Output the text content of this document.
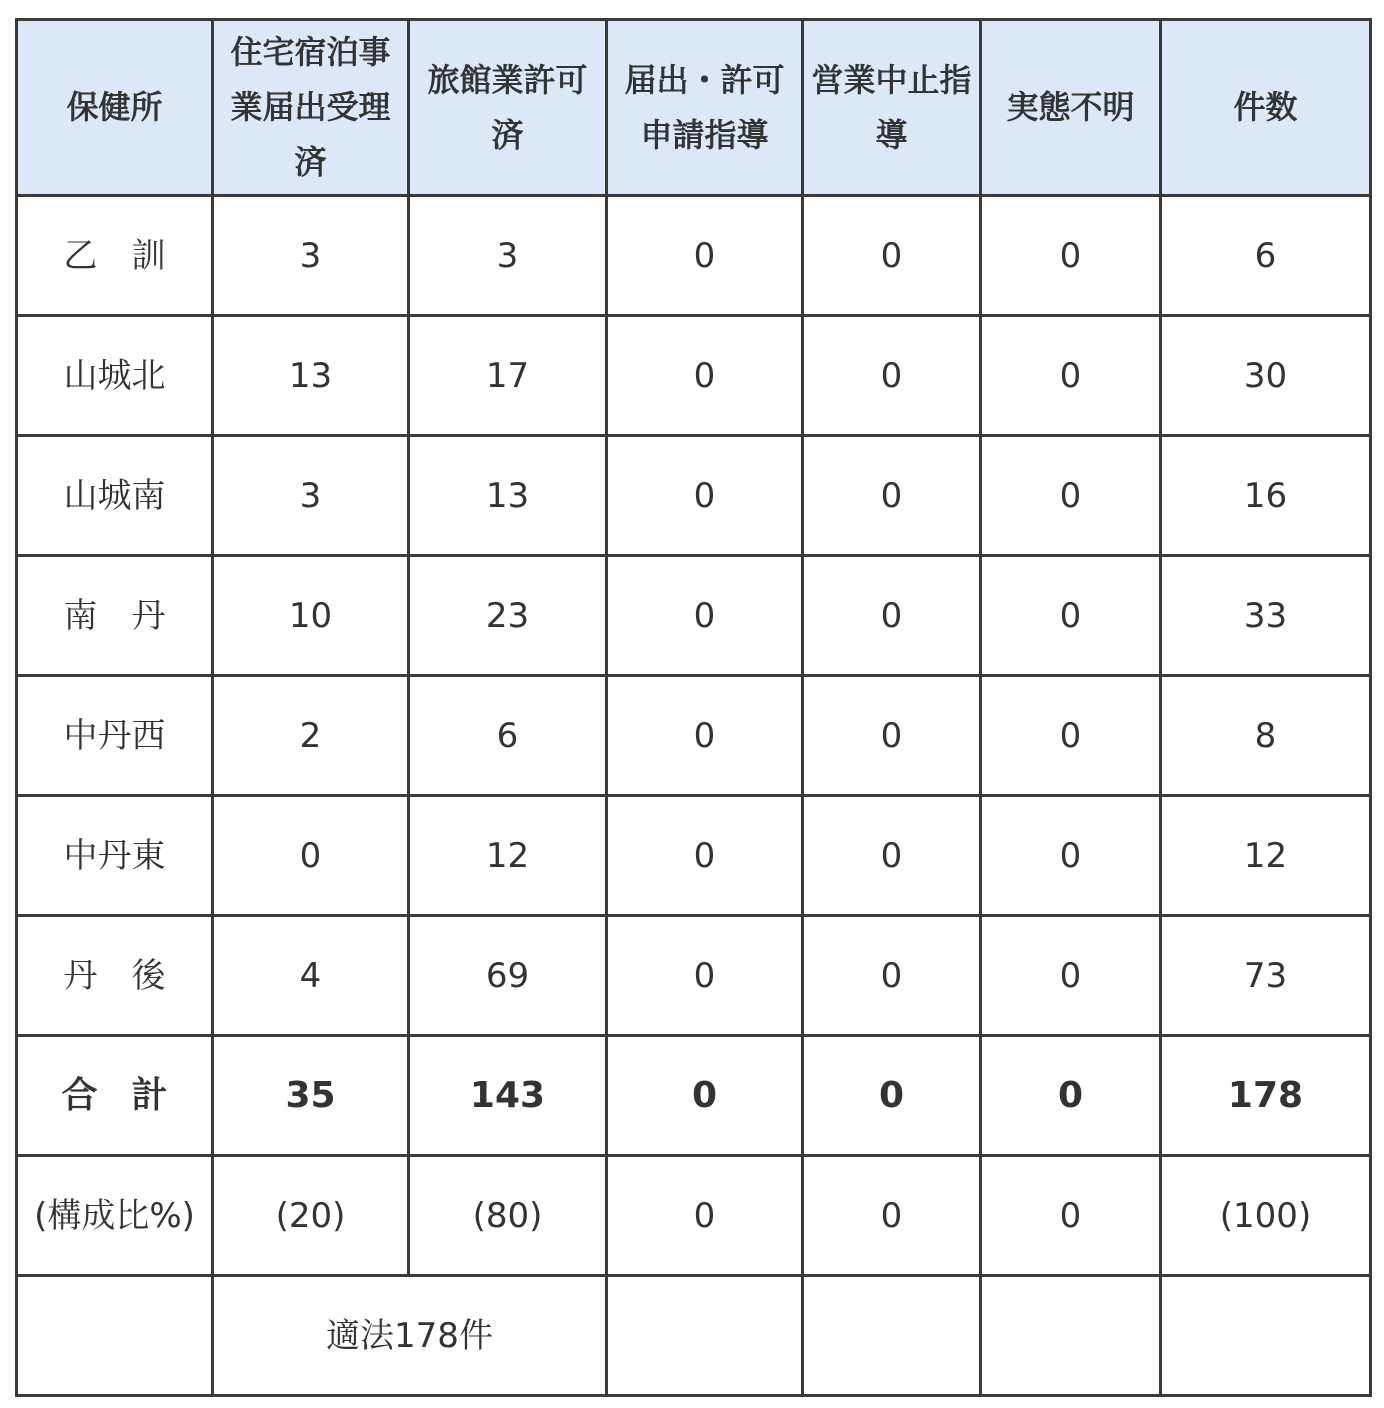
保健所	住宅宿泊事業届出受理済	旅館業許可済	届出・許可申請指導	営業中止指導	実態不明	件数
乙訓	3	3	0	0	0	6
山城北	13	17	0	0	0	30
山城南	3	13	0	0	0	16
南丹	10	23	0	0	0	33
中丹西	2	6	0	0	0	8
中丹東	0	12	0	0	0	12
丹後	4	69	0	0	0	73
合計	35	143	0	0	0	178
(構成比%)	(20)	(80)	0	0	0	(100)
	適法178件					
